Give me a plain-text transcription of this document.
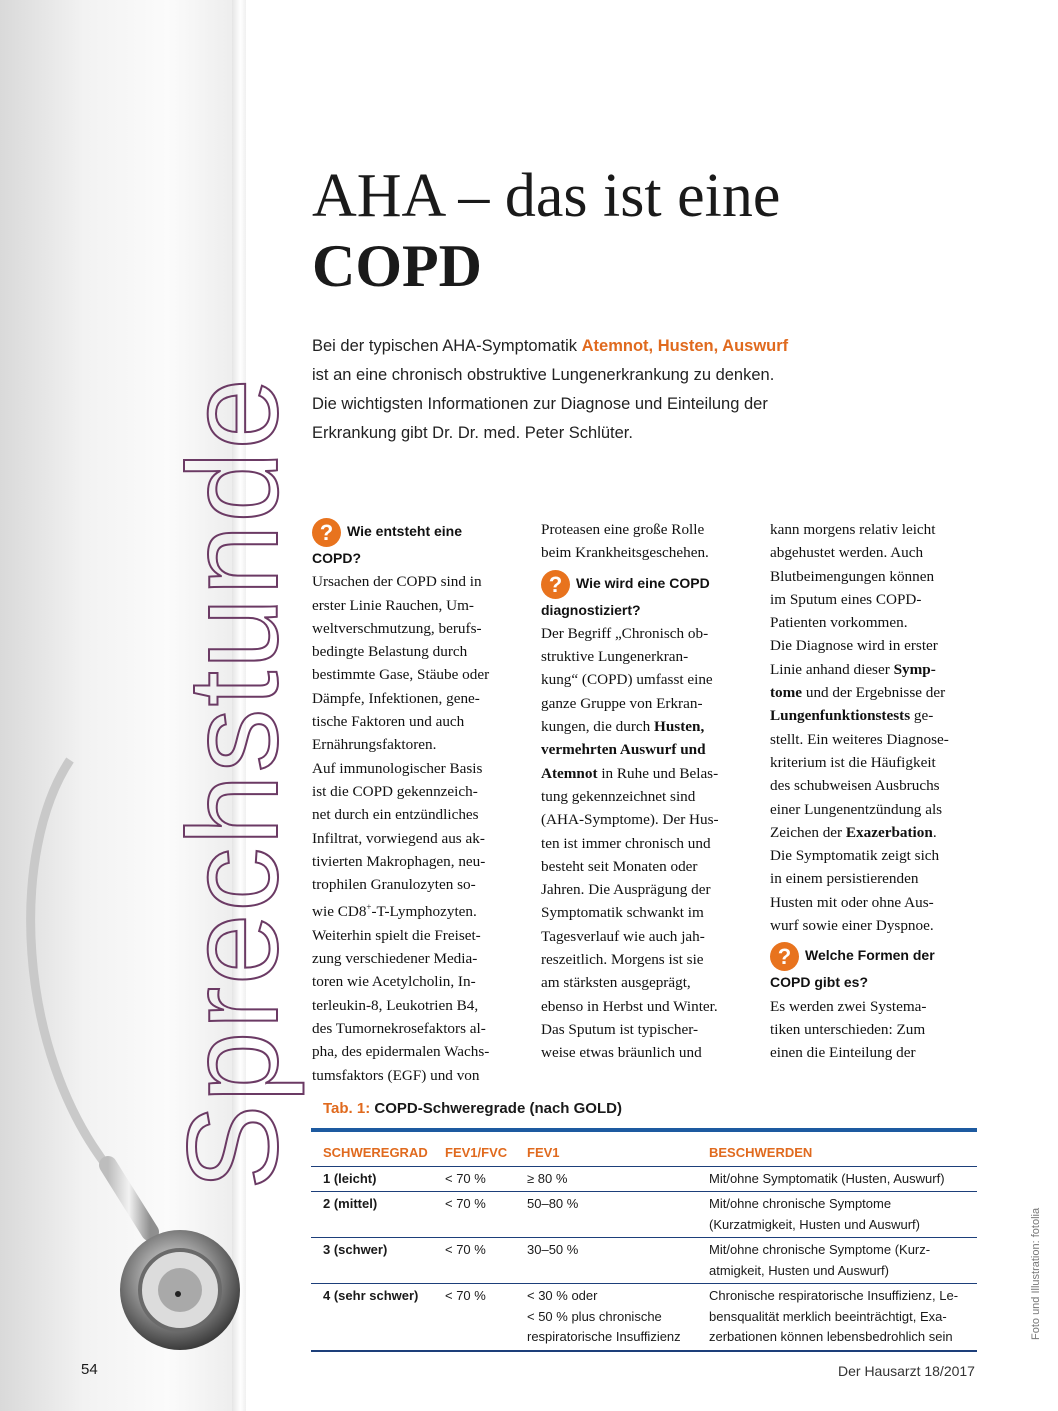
Sprechstunde
AHA – das ist eine
COPD
Bei der typischen AHA-Symptomatik Atemnot, Husten, Auswurf
ist an eine chronisch obstruktive Lungenerkrankung zu denken.
Die wichtigsten Informationen zur Diagnose und Einteilung der
Erkrankung gibt Dr. Dr. med. Peter Schlüter.
? Wie entsteht eine
COPD?

Ursachen der COPD sind in
erster Linie Rauchen, Um-
weltverschmutzung, berufs-
bedingte Belastung durch
bestimmte Gase, Stäube oder
Dämpfe, Infektionen, gene-
tische Faktoren und auch
Ernährungsfaktoren.
Auf immunologischer Basis
ist die COPD gekennzeich-
net durch ein entzündliches
Infiltrat, vorwiegend aus ak-
tivierten Makrophagen, neu-
trophilen Granulozyten so-
wie CD8+-T-Lymphozyten.
Weiterhin spielt die Freiset-
zung verschiedener Media-
toren wie Acetylcholin, In-
terleukin-8, Leukotrien B4,
des Tumornekrosefaktors al-
pha, des epidermalen Wachs-
tumsfaktors (EGF) und von

Proteasen eine große Rolle
beim Krankheitsgeschehen.

? Wie wird eine COPD
diagnostiziert?

Der Begriff „Chronisch ob-
struktive Lungenerkran-
kung“ (COPD) umfasst eine
ganze Gruppe von Erkran-
kungen, die durch Husten,
vermehrten Auswurf und
Atemnot in Ruhe und Belas-
tung gekennzeichnet sind
(AHA-Symptome). Der Hus-
ten ist immer chronisch und
besteht seit Monaten oder
Jahren. Die Ausprägung der
Symptomatik schwankt im
Tagesverlauf wie auch jah-
reszeitlich. Morgens ist sie
am stärksten ausgeprägt,
ebenso in Herbst und Winter.
Das Sputum ist typischer-
weise etwas bräunlich und

kann morgens relativ leicht
abgehustet werden. Auch
Blutbeimengungen können
im Sputum eines COPD-
Patienten vorkommen.
Die Diagnose wird in erster
Linie anhand dieser Symp-
tome und der Ergebnisse der
Lungenfunktionstests ge-
stellt. Ein weiteres Diagnose-
kriterium ist die Häufigkeit
des schubweisen Ausbruchs
einer Lungenentzündung als
Zeichen der Exazerbation.
Die Symptomatik zeigt sich
in einem persistierenden
Husten mit oder ohne Aus-
wurf sowie einer Dyspnoe.

? Welche Formen der
COPD gibt es?

Es werden zwei Systema-
tiken unterschieden: Zum
einen die Einteilung der

Tab. 1: COPD-Schweregrade (nach GOLD)
SCHWEREGRAD	FEV1/FVC	FEV1	BESCHWERDEN
1 (leicht)	< 70 %	≥ 80 %	Mit/ohne Symptomatik (Husten, Auswurf)
2 (mittel)	< 70 %	50–80 %	Mit/ohne chronische Symptome
(Kurzatmigkeit, Husten und Auswurf)
3 (schwer)	< 70 %	30–50 %	Mit/ohne chronische Symptome (Kurz-
atmigkeit, Husten und Auswurf)
4 (sehr schwer)	< 70 %	< 30 % oder
< 50 % plus chronische
respiratorische Insuffizienz	Chronische respiratorische Insuffizienz, Le-
bensqualität merklich beeinträchtigt, Exa-
zerbationen können lebensbedrohlich sein
54	Der Hausarzt 18/2017
Foto und Illustration: fotolia
